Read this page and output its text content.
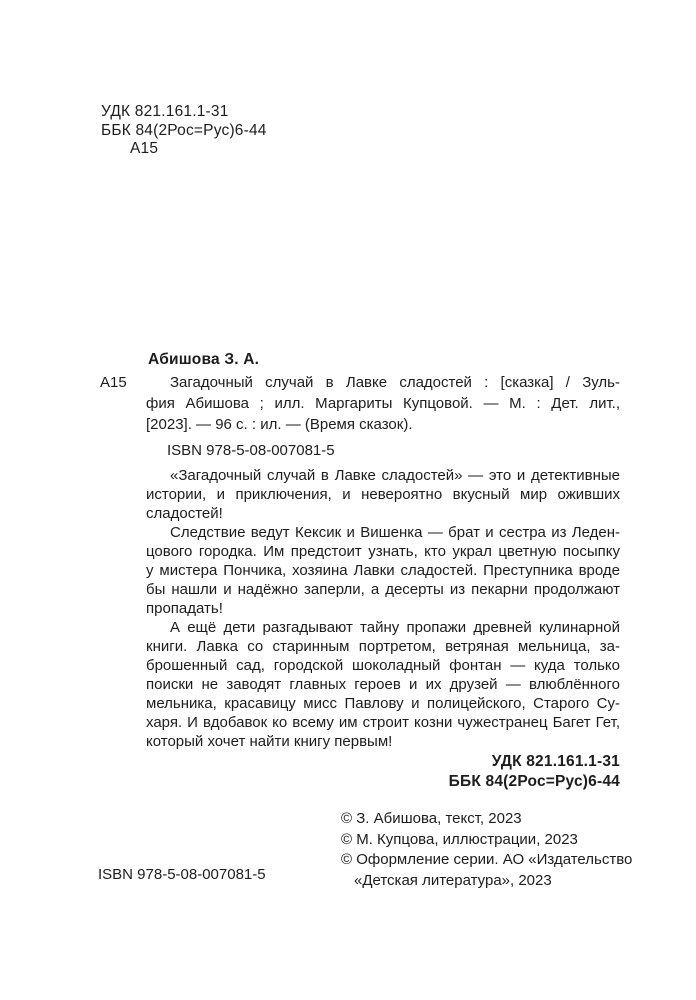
УДК 821.161.1-31
ББК 84(2Рос=Рус)6-44
А15
Абишова З. А.
А15	Загадочный случай в Лавке сладостей : [сказка] / Зуль-
фия Абишова ; илл. Маргариты Купцовой. — М. : Дет. лит.,
[2023]. — 96 с. : ил. — (Время сказок).
ISBN 978-5-08-007081-5
«Загадочный случай в Лавке сладостей» — это и детективные
истории, и приключения, и невероятно вкусный мир оживших
сладостей!
Следствие ведут Кексик и Вишенка — брат и сестра из Леден-
цового городка. Им предстоит узнать, кто украл цветную посыпку
у мистера Пончика, хозяина Лавки сладостей. Преступника вроде
бы нашли и надёжно заперли, а десерты из пекарни продолжают
пропадать!
А ещё дети разгадывают тайну пропажи древней кулинарной
книги. Лавка со старинным портретом, ветряная мельница, за-
брошенный сад, городской шоколадный фонтан — куда только
поиски не заводят главных героев и их друзей — влюблённого
мельника, красавицу мисс Павлову и полицейского, Старого Су-
харя. И вдобавок ко всему им строит козни чужестранец Багет Гет,
который хочет найти книгу первым!
УДК 821.161.1-31
ББК 84(2Рос=Рус)6-44
© З. Абишова, текст, 2023
© М. Купцова, иллюстрации, 2023
© Оформление серии. АО «Издательство
«Детская литература», 2023
ISBN 978-5-08-007081-5
